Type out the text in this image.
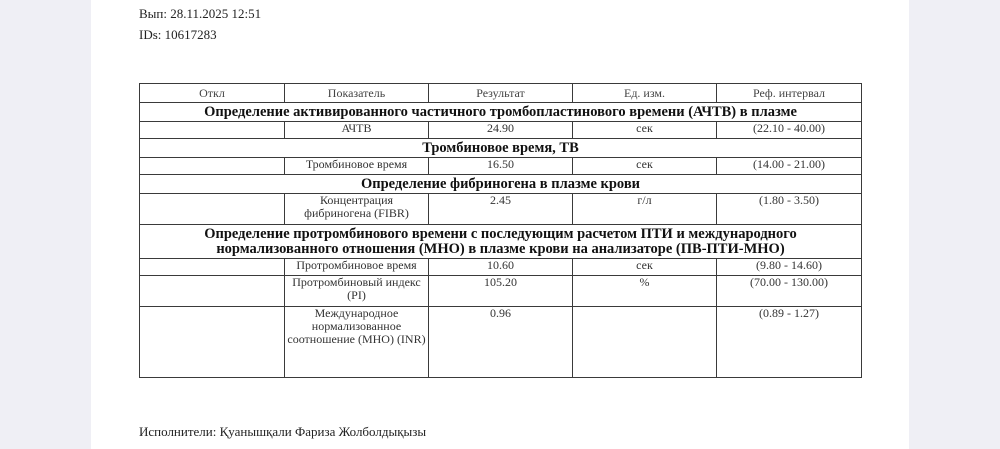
Вып: 28.11.2025 12:51
IDs: 10617283
Откл	Показатель	Результат	Ед. изм.	Реф. интервал
Определение активированного частичного тромбопластинового времени (АЧТВ) в плазме				
	АЧТВ	24.90	сек	(22.10 - 40.00)
Тромбиновое время, ТВ				
	Тромбиновое время	16.50	сек	(14.00 - 21.00)
Определение фибриногена в плазме крови				
	Концентрация фибриногена (FIBR)	2.45	г/л	(1.80 - 3.50)
Определение протромбинового времени с последующим расчетом ПТИ и международного нормализованного отношения (МНО) в плазме крови на анализаторе (ПВ-ПТИ-МНО)				
	Протромбиновое время	10.60	сек	(9.80 - 14.60)
	Протромбиновый индекс (PI)	105.20	%	(70.00 - 130.00)
	Международное нормализованное соотношение (МНО) (INR)	0.96		(0.89 - 1.27)
Исполнители: Қуанышқали Фариза Жолболдықызы
